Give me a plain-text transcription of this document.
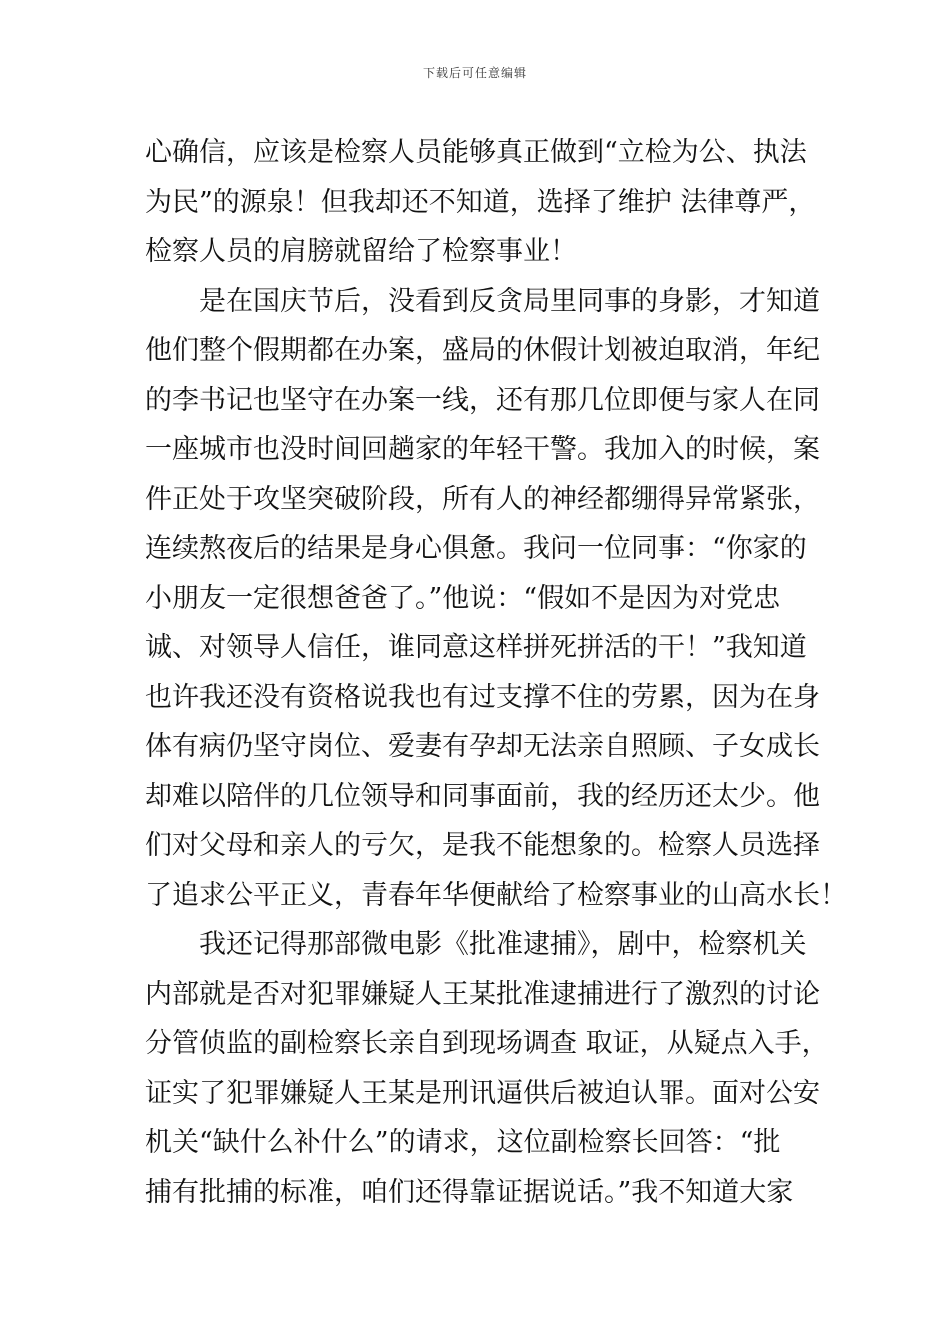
下载后可任意编辑
心确信，应该是检察人员能够真正做到“立检为公、执法
为民”的源泉！但我却还不知道，选择了维护 法律尊严，
检察人员的肩膀就留给了检察事业！
　　是在国庆节后，没看到反贪局里同事的身影，才知道
他们整个假期都在办案，盛局的休假计划被迫取消，年纪
的李书记也坚守在办案一线，还有那几位即便与家人在同
一座城市也没时间回趟家的年轻干警。我加入的时候，案
件正处于攻坚突破阶段，所有人的神经都绷得异常紧张，
连续熬夜后的结果是身心俱惫。我问一位同事：“你家的
小朋友一定很想爸爸了。”他说：“假如不是因为对党忠
诚、对领导人信任，谁同意这样拼死拼活的干！”我知道
也许我还没有资格说我也有过支撑不住的劳累，因为在身
体有病仍坚守岗位、爱妻有孕却无法亲自照顾、子女成长
却难以陪伴的几位领导和同事面前，我的经历还太少。他
们对父母和亲人的亏欠，是我不能想象的。检察人员选择
了追求公平正义，青春年华便献给了检察事业的山高水长！
　　我还记得那部微电影《批准逮捕》，剧中，检察机关
内部就是否对犯罪嫌疑人王某批准逮捕进行了激烈的讨论
分管侦监的副检察长亲自到现场调查 取证，从疑点入手，
证实了犯罪嫌疑人王某是刑讯逼供后被迫认罪。面对公安
机关“缺什么补什么”的请求，这位副检察长回答：“批
捕有批捕的标准，咱们还得靠证据说话。”我不知道大家
